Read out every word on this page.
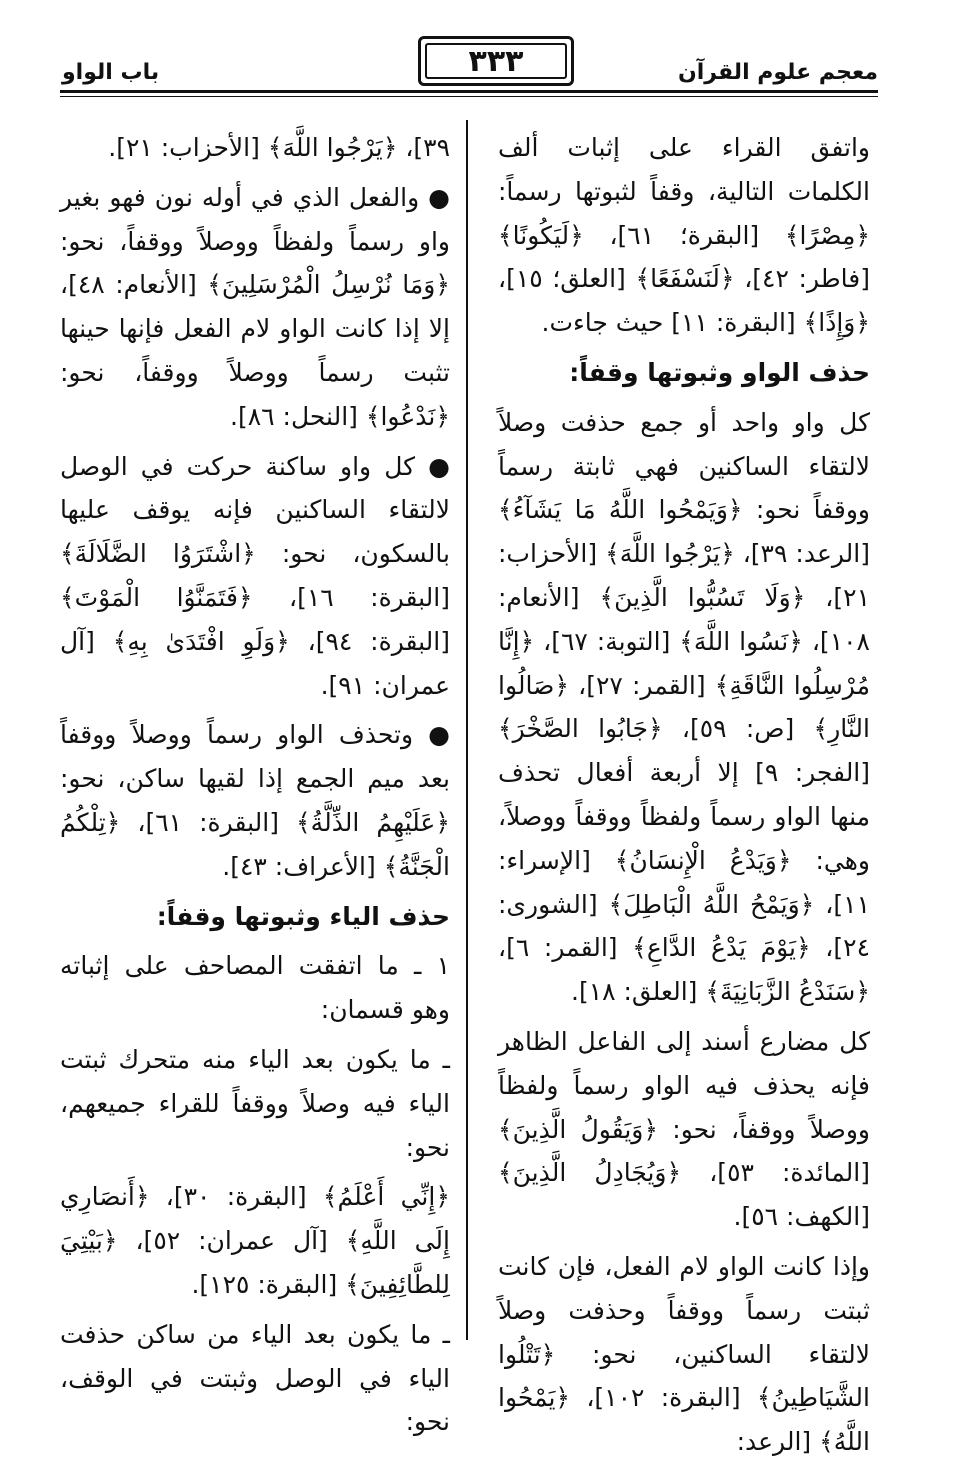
معجم علوم القرآن
٣٣٣
باب الواو

واتفق القراء على إثبات ألف الكلمات التالية، وقفاً لثبوتها رسماً: ﴿مِصْرًا﴾ [البقرة؛ ٦١]، ﴿لَيَكُونًا﴾ [فاطر: ٤٢]، ﴿لَنَسْفَعًا﴾ [العلق؛ ١٥]، ﴿وَإِذًا﴾ [البقرة: ١١] حيث جاءت.

حذف الواو وثبوتها وقفاً:

كل واو واحد أو جمع حذفت وصلاً لالتقاء الساكنين فهي ثابتة رسماً ووقفاً نحو: ﴿وَيَمْحُوا اللَّهُ مَا يَشَآءُ﴾ [الرعد: ٣٩]، ﴿يَرْجُوا اللَّهَ﴾ [الأحزاب: ٢١]، ﴿وَلَا تَسُبُّوا الَّذِينَ﴾ [الأنعام: ١٠٨]، ﴿نَسُوا اللَّهَ﴾ [التوبة: ٦٧]، ﴿إِنَّا مُرْسِلُوا النَّاقَةِ﴾ [القمر: ٢٧]، ﴿صَالُوا النَّارِ﴾ [ص: ٥٩]، ﴿جَابُوا الصَّخْرَ﴾ [الفجر: ٩] إلا أربعة أفعال تحذف منها الواو رسماً ولفظاً ووقفاً ووصلاً، وهي: ﴿وَيَدْعُ الْإِنسَانُ﴾ [الإسراء: ١١]، ﴿وَيَمْحُ اللَّهُ الْبَاطِلَ﴾ [الشورى: ٢٤]، ﴿يَوْمَ يَدْعُ الدَّاعِ﴾ [القمر: ٦]، ﴿سَنَدْعُ الزَّبَانِيَةَ﴾ [العلق: ١٨].

كل مضارع أسند إلى الفاعل الظاهر فإنه يحذف فيه الواو رسماً ولفظاً ووصلاً ووقفاً، نحو: ﴿وَيَقُولُ الَّذِينَ﴾ [المائدة: ٥٣]، ﴿وَيُجَادِلُ الَّذِينَ﴾ [الكهف: ٥٦].

وإذا كانت الواو لام الفعل، فإن كانت ثبتت رسماً ووقفاً وحذفت وصلاً لالتقاء الساكنين، نحو: ﴿تَتْلُوا الشَّيَاطِينُ﴾ [البقرة: ١٠٢]، ﴿يَمْحُوا اللَّهُ﴾ [الرعد:

٣٩]، ﴿يَرْجُوا اللَّهَ﴾ [الأحزاب: ٢١].

● والفعل الذي في أوله نون فهو بغير واو رسماً ولفظاً ووصلاً ووقفاً، نحو: ﴿وَمَا نُرْسِلُ الْمُرْسَلِينَ﴾ [الأنعام: ٤٨]، إلا إذا كانت الواو لام الفعل فإنها حينها تثبت رسماً ووصلاً ووقفاً، نحو: ﴿نَدْعُوا﴾ [النحل: ٨٦].

● كل واو ساكنة حركت في الوصل لالتقاء الساكنين فإنه يوقف عليها بالسكون، نحو: ﴿اشْتَرَوُا الضَّلَالَةَ﴾ [البقرة: ١٦]، ﴿فَتَمَنَّوُا الْمَوْتَ﴾ [البقرة: ٩٤]، ﴿وَلَوِ افْتَدَىٰ بِهِ﴾ [آل عمران: ٩١].

● وتحذف الواو رسماً ووصلاً ووقفاً بعد ميم الجمع إذا لقيها ساكن، نحو: ﴿عَلَيْهِمُ الذِّلَّةُ﴾ [البقرة: ٦١]، ﴿تِلْكُمُ الْجَنَّةُ﴾ [الأعراف: ٤٣].

حذف الياء وثبوتها وقفاً:

١ ـ ما اتفقت المصاحف على إثباته وهو قسمان:

ـ ما يكون بعد الياء منه متحرك ثبتت الياء فيه وصلاً ووقفاً للقراء جميعهم، نحو:

﴿إِنِّي أَعْلَمُ﴾ [البقرة: ٣٠]، ﴿أَنصَارِي إِلَى اللَّهِ﴾ [آل عمران: ٥٢]، ﴿بَيْتِيَ لِلطَّائِفِينَ﴾ [البقرة: ١٢٥].

ـ ما يكون بعد الياء من ساكن حذفت الياء في الوصل وثبتت في الوقف، نحو:
